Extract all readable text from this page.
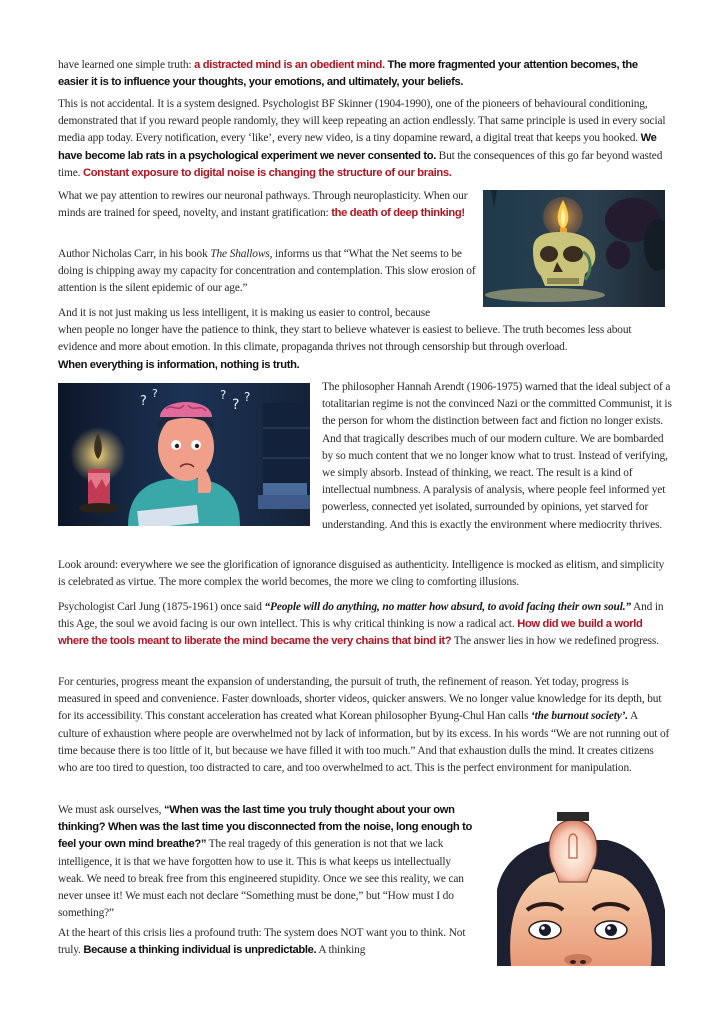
have learned one simple truth: a distracted mind is an obedient mind. The more fragmented your attention becomes, the easier it is to influence your thoughts, your emotions, and ultimately, your beliefs.

This is not accidental. It is a system designed. Psychologist BF Skinner (1904-1990), one of the pioneers of behavioural conditioning, demonstrated that if you reward people randomly, they will keep repeating an action endlessly. That same principle is used in every social media app today. Every notification, every ‘like’, every new video, is a tiny dopamine reward, a digital treat that keeps you hooked. We have become lab rats in a psychological experiment we never consented to. But the consequences of this go far beyond wasted time. Constant exposure to digital noise is changing the structure of our brains.

What we pay attention to rewires our neuronal pathways. Through neuroplasticity. When our minds are trained for speed, novelty, and instant gratification: the death of deep thinking!

Author Nicholas Carr, in his book The Shallows, informs us that “What the Net seems to be doing is chipping away my capacity for concentration and contemplation. This slow erosion of attention is the silent epidemic of our age.”

And it is not just making us less intelligent, it is making us easier to control, because
when people no longer have the patience to think, they start to believe whatever is easiest to believe. The truth becomes less about evidence and more about emotion. In this climate, propaganda thrives not through censorship but through overload.
When everything is information, nothing is truth.

?
?	?
? ?

The philosopher Hannah Arendt (1906-1975) warned that the ideal subject of a totalitarian regime is not the convinced Nazi or the committed Communist, it is the person for whom the distinction between fact and fiction no longer exists. And that tragically describes much of our modern culture. We are bombarded by so much content that we no longer know what to trust. Instead of verifying, we simply absorb. Instead of thinking, we react. The result is a kind of intellectual numbness. A paralysis of analysis, where people feel informed yet powerless, connected yet isolated, surrounded by opinions, yet starved for understanding. And this is exactly the environment where mediocrity thrives.

Look around: everywhere we see the glorification of ignorance disguised as authenticity. Intelligence is mocked as elitism, and simplicity is celebrated as virtue. The more complex the world becomes, the more we cling to comforting illusions.

Psychologist Carl Jung (1875-1961) once said “People will do anything, no matter how absurd, to avoid facing their own soul.” And in this Age, the soul we avoid facing is our own intellect. This is why critical thinking is now a radical act. How did we build a world where the tools meant to liberate the mind became the very chains that bind it? The answer lies in how we redefined progress.

For centuries, progress meant the expansion of understanding, the pursuit of truth, the refinement of reason. Yet today, progress is measured in speed and convenience. Faster downloads, shorter videos, quicker answers. We no longer value knowledge for its depth, but for its accessibility. This constant acceleration has created what Korean philosopher Byung-Chul Han calls ‘the burnout society’. A culture of exhaustion where people are overwhelmed not by lack of information, but by its excess. In his words “We are not running out of time because there is too little of it, but because we have filled it with too much.” And that exhaustion dulls the mind. It creates citizens who are too tired to question, too distracted to care, and too overwhelmed to act. This is the perfect environment for manipulation.

We must ask ourselves, “When was the last time you truly thought about your own thinking? When was the last time you disconnected from the noise, long enough to feel your own mind breathe?” The real tragedy of this generation is not that we lack intelligence, it is that we have forgotten how to use it. This is what keeps us intellectually weak. We need to break free from this engineered stupidity. Once we see this reality, we can never unsee it! We must each not declare “Something must be done,” but “How must I do something?”

At the heart of this crisis lies a profound truth: The system does NOT want you to think. Not truly. Because a thinking individual is unpredictable. A thinking
